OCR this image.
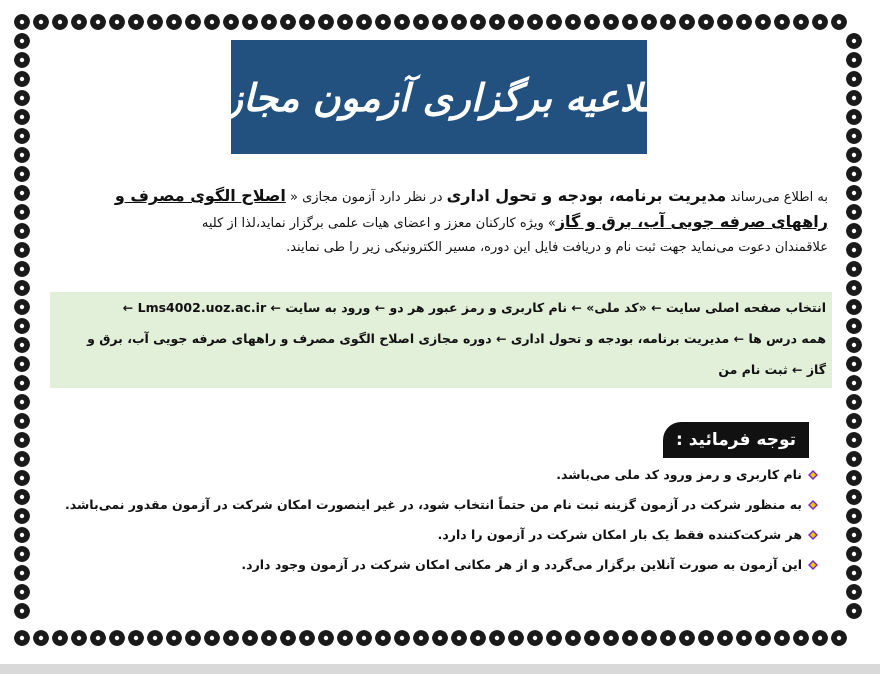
« اطلاعیه برگزاری آزمون مجازی »
به اطلاع می‌رساند مدیریت برنامه، بودجه و تحول اداری در نظر دارد آزمون مجازی « اصلاح الگوی مصرف و
راههای صرفه جویی آب، برق و گاز» ویژه کارکنان معزز و اعضای هیات علمی برگزار نماید،لذا از کلیه
علاقمندان دعوت می‌نماید جهت ثبت نام و دریافت فایل این دوره، مسیر الکترونیکی زیر را طی نمایند.
انتخاب صفحه اصلی سایت ← «کد ملی» ← نام کاربری و رمز عبور هر دو ← ورود به سایت ← Lms4002.uoz.ac.ir ←
همه درس ها ← مدیریت برنامه، بودجه و تحول اداری ← دوره مجازی اصلاح الگوی مصرف و راههای صرفه جویی آب، برق و
گاز ← ثبت نام من
توجه فرمائید :
نام کاربری و رمز ورود کد ملی می‌باشد.
به منظور شرکت در آزمون گزینه ثبت نام من حتماً انتخاب شود، در غیر اینصورت امکان شرکت در آزمون مقدور نمی‌باشد.
هر شرکت‌کننده فقط یک بار امکان شرکت در آزمون را دارد.
این آزمون به صورت آنلاین برگزار می‌گردد و از هر مکانی امکان شرکت در آزمون وجود دارد.
